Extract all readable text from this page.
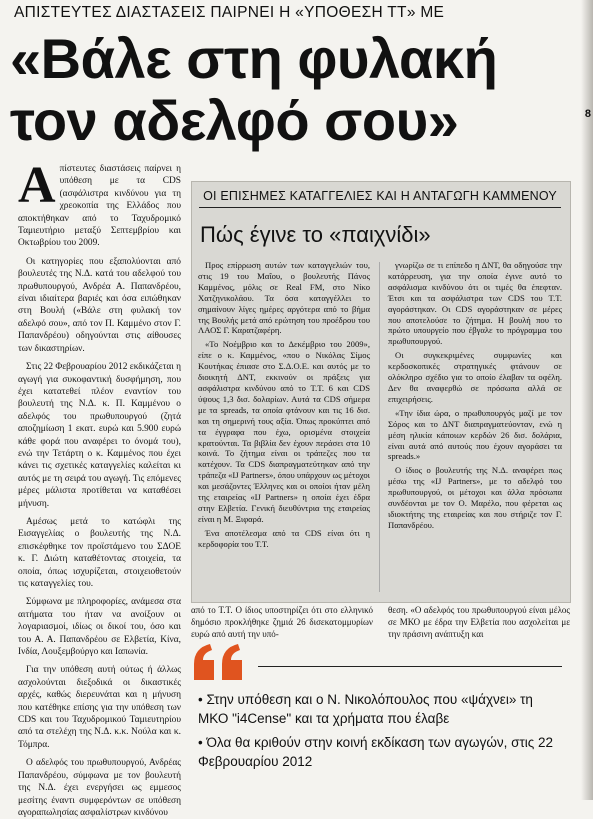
8
ΑΠΙΣΤΕΥΤΕΣ ΔΙΑΣΤΑΣΕΙΣ ΠΑΙΡΝΕΙ Η «ΥΠΟΘΕΣΗ ΤΤ» ΜΕ
«Βάλε στη φυλακή
τον αδελφό σου»

Απίστευτες διαστάσεις παίρνει η υπόθεση με τα CDS (ασφάλιστρα κινδύνου για τη χρεοκοπία της Ελλάδος που αποκτήθηκαν από το Ταχυδρομικό Ταμιευτήριο μεταξύ Σεπτεμβρίου και Οκτωβρίου του 2009.

Οι κατηγορίες που εξαπολύονται από βουλευτές της Ν.Δ. κατά του αδελφού του πρωθυπουργού, Ανδρέα Α. Παπανδρέου, είναι ιδιαίτερα βαριές και όσα ειπώθηκαν στη Βουλή («Βάλε στη φυλακή τον αδελφό σου», από τον Π. Καμμένο στον Γ. Παπανδρέου) οδηγούνται στις αίθουσες των δικαστηρίων.

Στις 22 Φεβρουαρίου 2012 εκδικάζεται η αγωγή για συκοφαντική δυσφήμηση, που έχει κατατεθεί πλέον εναντίον του βουλευτή της Ν.Δ. κ. Π. Καμμένου ο αδελφός του πρωθυπουργού (ζητά αποζημίωση 1 εκατ. ευρώ και 5.900 ευρώ κάθε φορά που αναφέρει το όνομά του), ενώ την Τετάρτη ο κ. Καμμένος που έχει κάνει τις σχετικές καταγγελίες καλείται κι αυτός με τη σειρά του αγωγή. Τις επόμενες μέρες μάλιστα προτίθεται να καταθέσει μήνυση.

Αμέσως μετά το κατώφλι της Εισαγγελίας ο βουλευτής της Ν.Δ. επισκέφθηκε τον προϊστάμενο του ΣΔΟΕ κ. Γ. Διώτη καταθέτοντας στοιχεία, τα οποία, όπως ισχυρίζεται, στοιχειοθετούν τις καταγγελίες του.

Σύμφωνα με πληροφορίες, ανάμεσα στα αιτήματα του ήταν να ανοίξουν οι λογαριασμοί, ιδίως οι δικοί του, όσο και του Α. Α. Παπανδρέου σε Ελβετία, Κίνα, Ινδία, Λουξεμβούργο και Ιαπωνία.

Για την υπόθεση αυτή ούτως ή άλλως ασχολούνται διεξοδικά οι δικαστικές αρχές, καθώς διερευνάται και η μήνυση που κατέθηκε επίσης για την υπόθεση των CDS και του Ταχυδρομικού Ταμιευτηρίου από τα στελέχη της Ν.Δ. κ.κ. Νούλα και κ. Τόμπρα.

Ο αδελφός του πρωθυπουργού, Ανδρέας Παπανδρέου, σύμφωνα με τον βουλευτή της Ν.Δ. έχει ενεργήσει ως εμμεσος μεσίτης έναντι συμφερόντων σε υπόθεση αγοραπωλησίας ασφαλίστρων κινδύνου

ΟΙ ΕΠΙΣΗΜΕΣ ΚΑΤΑΓΓΕΛΙΕΣ ΚΑΙ Η ΑΝΤΑΓΩΓΗ ΚΑΜΜΕΝΟΥ
Πώς έγινε το «παιχνίδι»

Προς επίρρωση αυτών των καταγγελιών του, στις 19 του Μαΐου, ο βουλευτής Πάνος Καμμένος, μόλις σε Real FM, στο Νίκο Χατζηνικολάου. Τα όσα καταγγέλλει το σημαίνουν λίγες ημέρες αργότερα από το βήμα της Βουλής μετά από ερώτηση του προέδρου του ΛΑΟΣ Γ. Καρατζαφέρη.

«Το Νοέμβριο και το Δεκέμβριο του 2009», είπε ο κ. Καμμένος, «που ο Νικόλας Σίμος Κουτήκας έπιασε στο Σ.Δ.Ο.Ε. και αυτός με το διοικητή ΔΝΤ, εκκινούν οι πράξεις για ασφάλιστρα κινδύνου από το Τ.Τ. 6 και CDS ύψους 1,3 δισ. δολαρίων. Αυτά τα CDS σήμερα με τα spreads, τα οποία φτάνουν και τις 16 δισ. και τη σημερινή τους αξία. Όπως προκύπτει από τα έγγραφα που έχω, ορισμένα στοιχεία κρατούνται. Τα βιβλία δεν έχουν περάσει στα 10 κοινά. Το ζήτημα είναι οι τράπεζες που τα κατέχουν. Τα CDS διαπραγματεύτηκαν από την τράπεζα «ΙJ Partners», όπου υπάρχουν ως μέτοχοι και μεσάζοντες Έλληνες και οι οποίοι ήταν μέλη της εταιρείας «ΙJ Partners» η οποία έχει έδρα στην Ελβετία. Γενική διευθύντρια της εταιρείας είναι η Μ. Ξιφαρά.

Ένα αποτέλεσμα από τα CDS είναι ότι η κερδοφορία του Τ.Τ.

γνωρίζω σε τι επίπεδο η ΔΝΤ, θα οδηγούσε την κατάρρευση, για την οποία έγινε αυτό το ασφάλισμα κινδύνου ότι οι τιμές θα έπεφταν. Έτσι και τα ασφάλιστρα των CDS του Τ.Τ. αγοράστηκαν. Οι CDS αγοράστηκαν σε μέρες που αποτελούσε το ζήτημα. Η βουλή που το πρώτο υπουργείο που έβγαλε το πρόγραμμα του πρωθυπουργού.

Οι συγκεκριμένες συμφωνίες και κερδοσκοπικές στρατηγικές φτάνουν σε ολόκληρο σχέδιο για το οποίο έλαβαν τα οφέλη. Δεν θα αναφερθώ σε πρόσωπα αλλά σε επιχειρήσεις.

«Την ίδια ώρα, ο πρωθυπουργός μαζί με τον Σόρος και το ΔΝΤ διαπραγματεύονταν, ενώ η μέση ηλικία κάποιων κερδών 26 δισ. δολάρια, είναι αυτά από αυτούς που έχουν αγοράσει τα spreads.»

Ο ίδιος ο βουλευτής της Ν.Δ. αναφέρει πως μέσω της «ΙJ Partners», με το αδελφό του πρωθυπουργού, οι μέτοχοι και άλλα πρόσωπα συνδέονται με τον Ο. Μαρέλο, που φέρεται ως ιδιοκτήτης της εταιρείας και που στήριζε τον Γ. Παπανδρέου.

από το Τ.Τ. Ο ίδιος υποστηρίζει ότι στο ελληνικό δημόσιο προκλήθηκε ζημιά 26 δισεκατομμυρίων ευρώ από αυτή την υπό-
θεση. «Ο αδελφός του πρωθυπουργού είναι μέλος σε ΜΚΟ με έδρα την Ελβετία που ασχολείται με την πράσινη ανάπτυξη και

• Στην υπόθεση και ο Ν. Νικολόπουλος που «ψάχνει» τη ΜΚΟ "i4Cense" και τα χρήματα που έλαβε

• Όλα θα κριθούν στην κοινή εκδίκαση των αγωγών, στις 22 Φεβρουαρίου 2012
